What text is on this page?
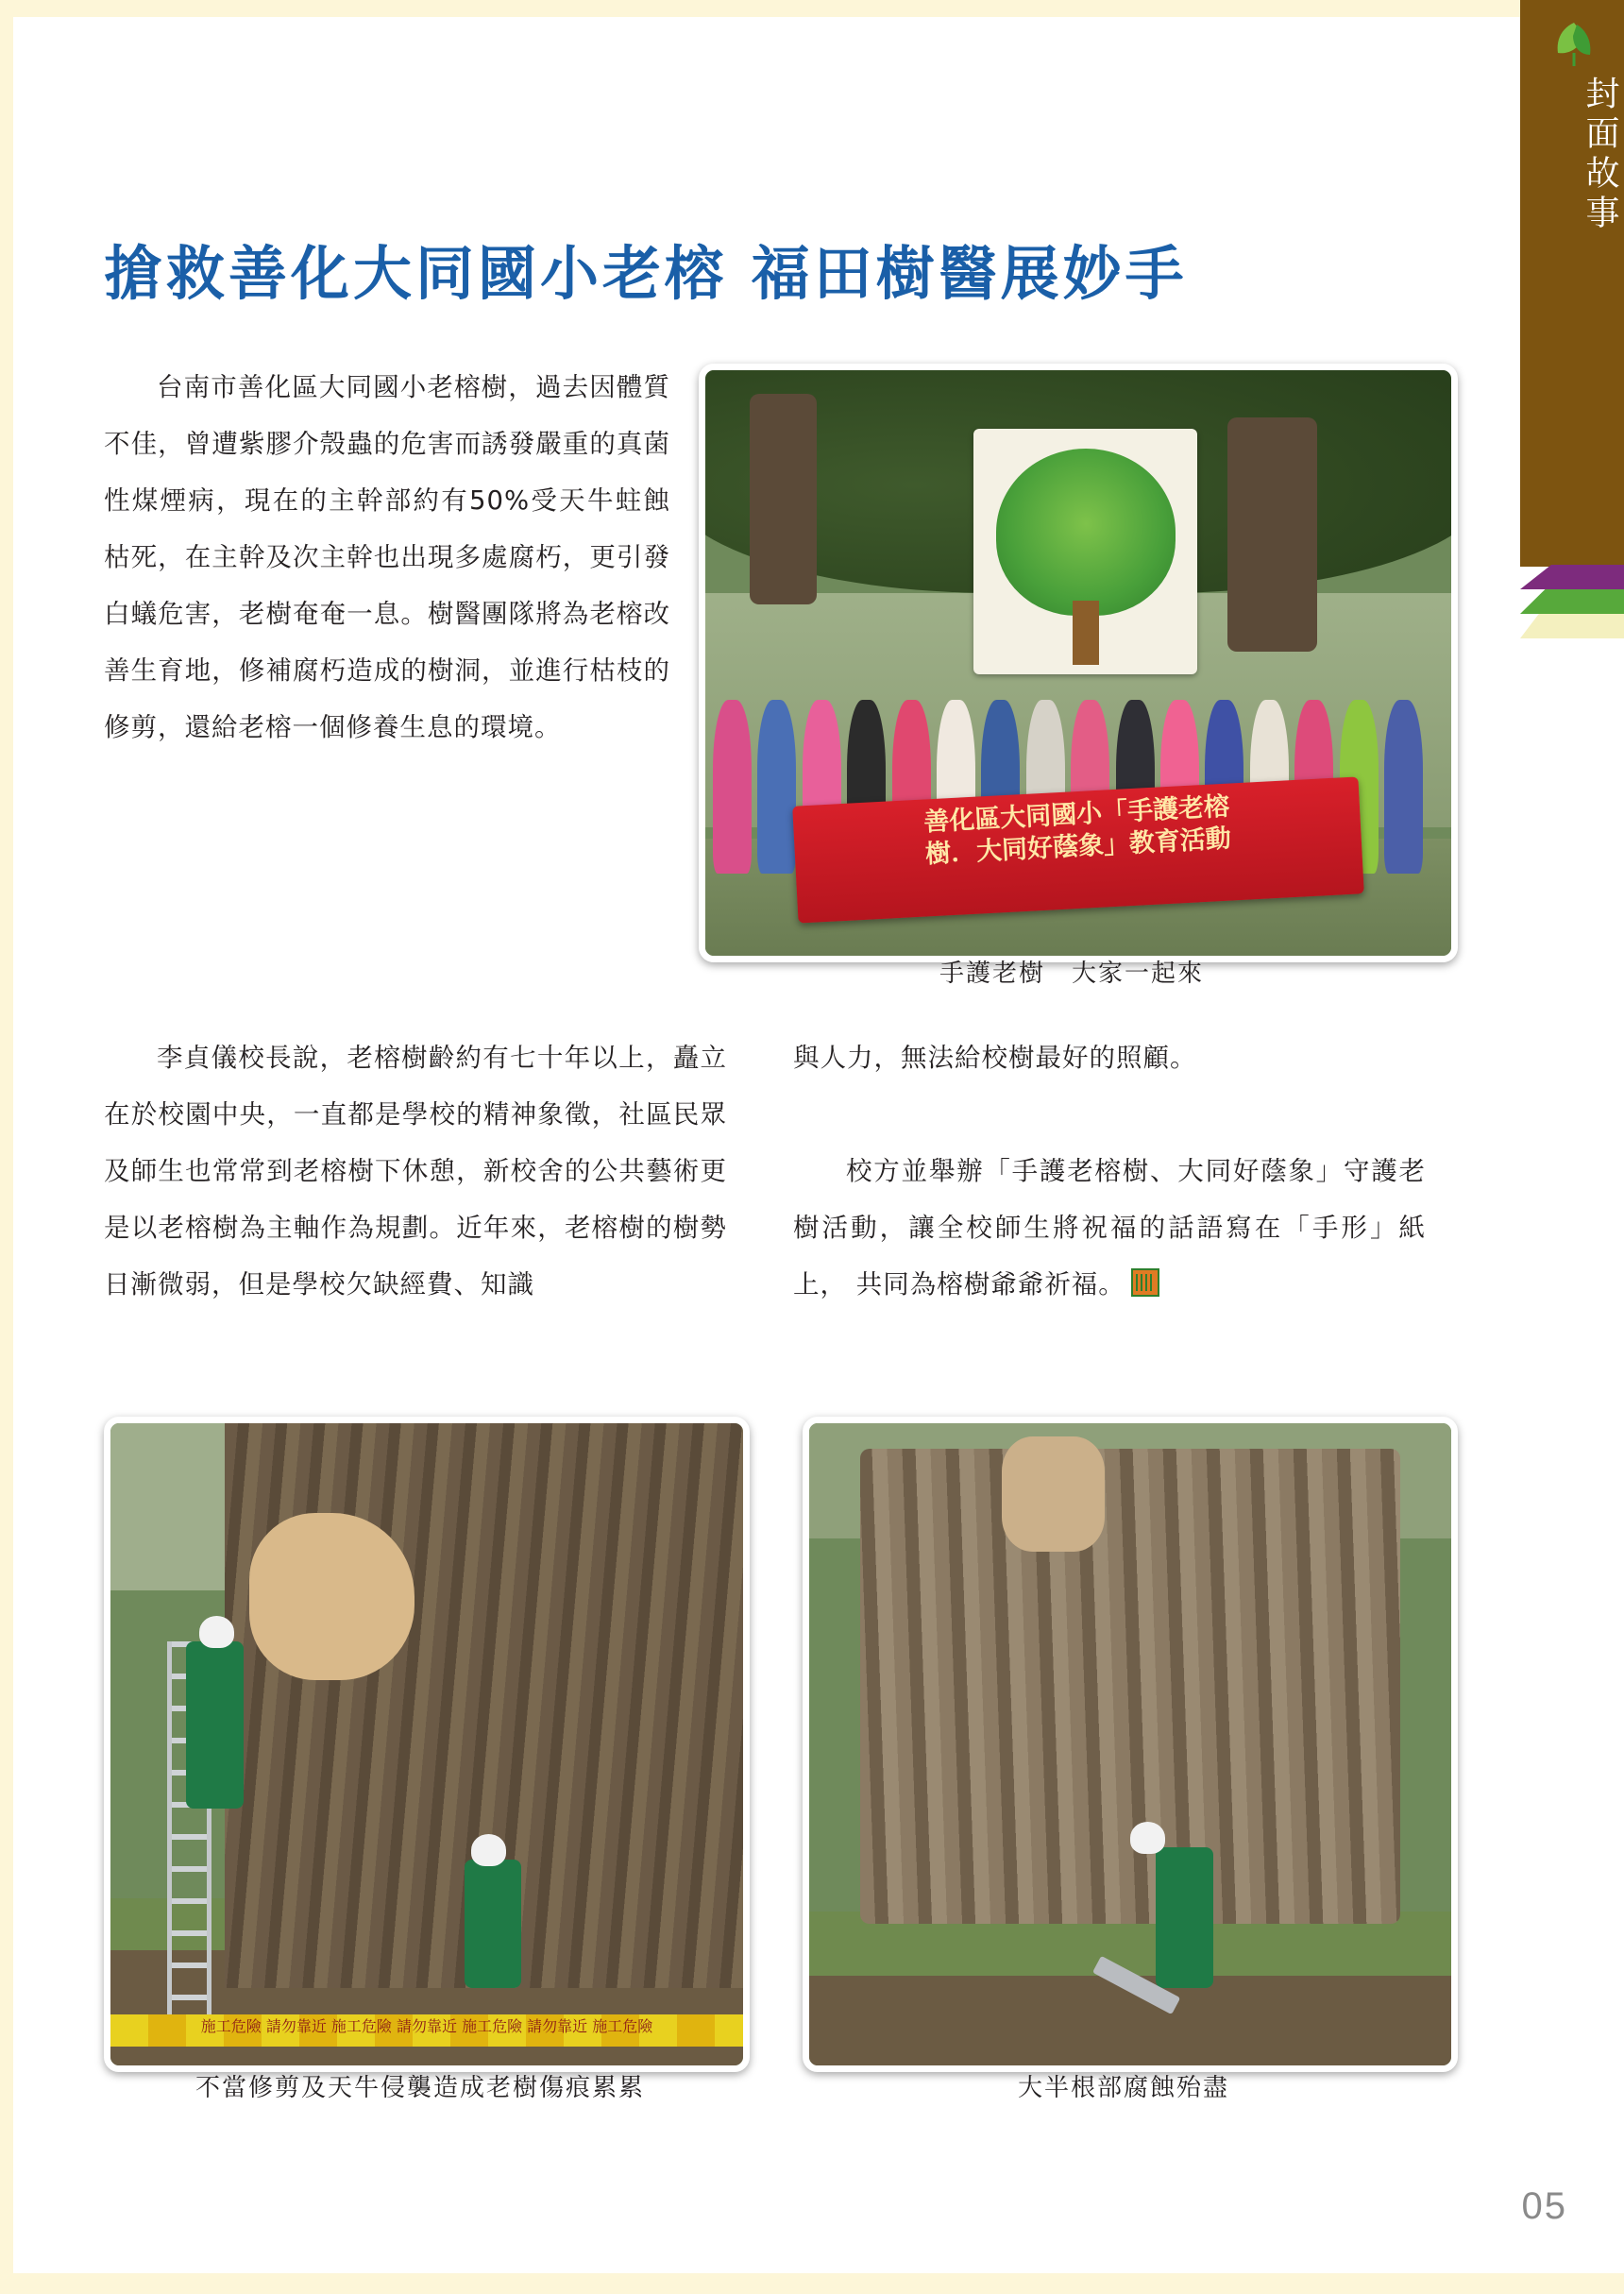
封面故事
搶救善化大同國小老榕 福田樹醫展妙手
台南市善化區大同國小老榕樹，過去因體質不佳，曾遭紫膠介殼蟲的危害而誘發嚴重的真菌性煤煙病，現在的主幹部約有50%受天牛蛀蝕枯死，在主幹及次主幹也出現多處腐朽，更引發白蟻危害，老樹奄奄一息。樹醫團隊將為老榕改善生育地，修補腐朽造成的樹洞，並進行枯枝的修剪，還給老榕一個修養生息的環境。
善化區大同國小「手護老榕
樹．大同好蔭象」教育活動
手護老樹　大家一起來
李貞儀校長說，老榕樹齡約有七十年以上，矗立在於校園中央，一直都是學校的精神象徵，社區民眾及師生也常常到老榕樹下休憩，新校舍的公共藝術更是以老榕樹為主軸作為規劃。近年來，老榕樹的樹勢日漸微弱，但是學校欠缺經費、知識
與人力，無法給校樹最好的照顧。
校方並舉辦「手護老榕樹、大同好蔭象」守護老樹活動，讓全校師生將祝福的話語寫在「手形」紙上， 共同為榕樹爺爺祈福。
施工危險 請勿靠近 施工危險 請勿靠近 施工危險 請勿靠近 施工危險
不當修剪及天牛侵襲造成老樹傷痕累累	大半根部腐蝕殆盡
05
